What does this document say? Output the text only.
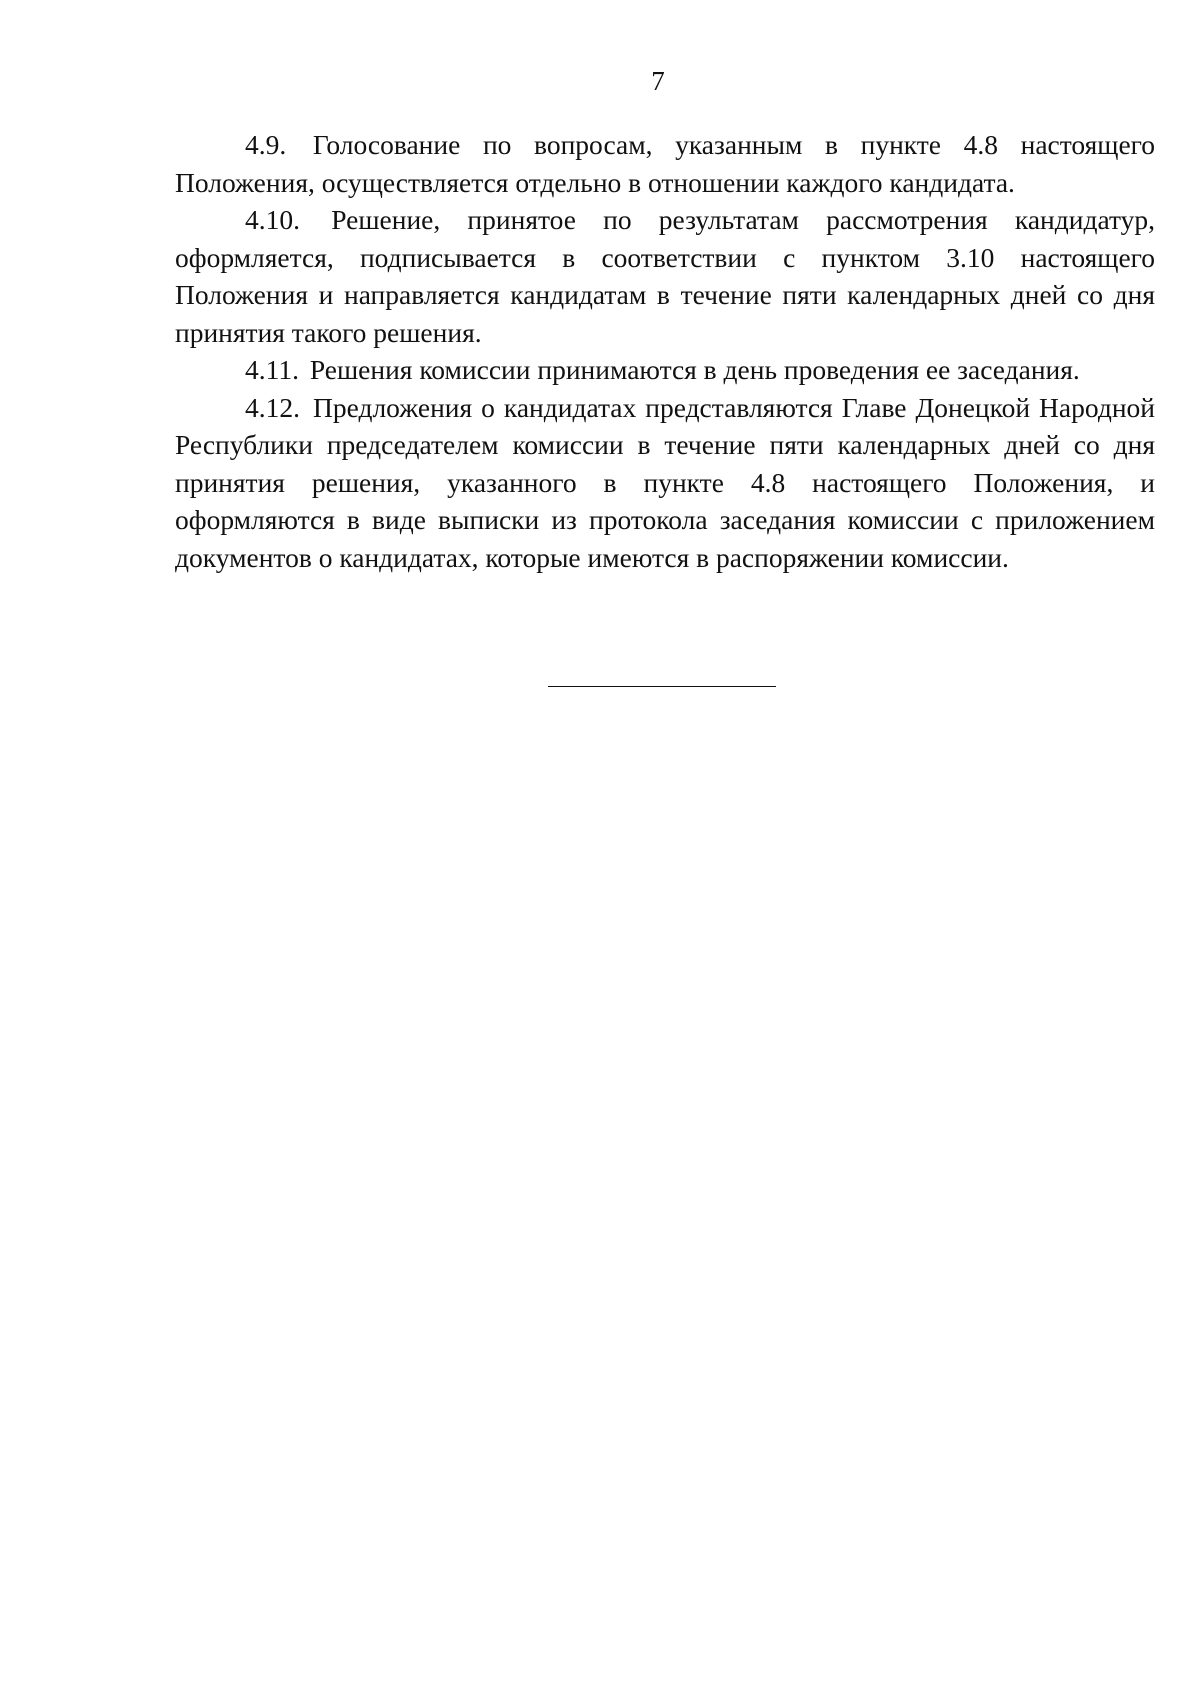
7

4.9. Голосование по вопросам, указанным в пункте 4.8 настоящего Положения, осуществляется отдельно в отношении каждого кандидата.

4.10. Решение, принятое по результатам рассмотрения кандидатур, оформляется, подписывается в соответствии с пунктом 3.10 настоящего Положения и направляется кандидатам в течение пяти календарных дней со дня принятия такого решения.

4.11. Решения комиссии принимаются в день проведения ее заседания.

4.12. Предложения о кандидатах представляются Главе Донецкой Народной Республики председателем комиссии в течение пяти календарных дней со дня принятия решения, указанного в пункте 4.8 настоящего Положения, и оформляются в виде выписки из протокола заседания комиссии с приложением документов о кандидатах, которые имеются в распоряжении комиссии.
